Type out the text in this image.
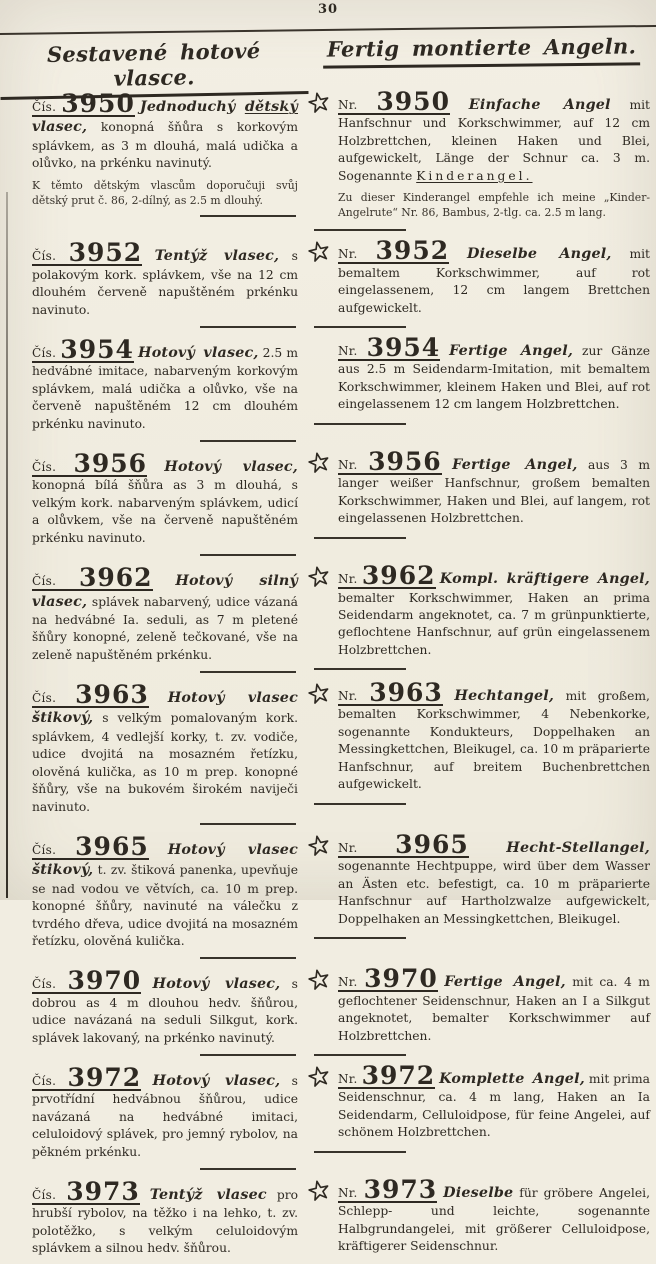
30
Sestavené hotové vlasce.
Fertig montierte Angeln.

Čís. 3950 Jednoduchý dětský vlasec, konopná šňůra s korkovým splávkem, as 3 m dlouhá, malá udička a olůvko, na prkénku navinutý.

K těmto dětským vlascům doporučuji svůj dětský prut č. 86, 2-dílný, as 2.5 m dlouhý.

Nr. 3950 Einfache Angel mit Hanfschnur und Korkschwimmer, auf 12 cm Holzbrettchen, kleinen Haken und Blei, aufgewickelt, Länge der Schnur ca. 3 m. Sogenannte Kinderangel.

Zu dieser Kinderangel empfehle ich meine „Kinder-Angelrute“ Nr. 86, Bambus, 2-tlg. ca. 2.5 m lang.

Čís. 3952 Tentýž vlasec, s polakovým kork. splávkem, vše na 12 cm dlouhém červeně napuštěném prkénku navinuto.

Nr. 3952 Dieselbe Angel, mit bemaltem Korkschwimmer, auf rot eingelassenem, 12 cm langem Brettchen aufgewickelt.

Čís. 3954 Hotový vlasec, 2.5 m hedvábné imitace, nabarveným korkovým splávkem, malá udička a olůvko, vše na červeně napuštěném 12 cm dlouhém prkénku navinuto.

Nr. 3954 Fertige Angel, zur Gänze aus 2.5 m Seidendarm-Imitation, mit bemaltem Korkschwimmer, kleinem Haken und Blei, auf rot eingelassenem 12 cm langem Holzbrettchen.

Čís. 3956 Hotový vlasec, konopná bílá šňůra as 3 m dlouhá, s velkým kork. nabarveným splávkem, udicí a olůvkem, vše na červeně napuštěném prkénku navinuto.

Nr. 3956 Fertige Angel, aus 3 m langer weißer Hanfschnur, großem bemalten Korkschwimmer, Haken und Blei, auf langem, rot eingelassenen Holzbrettchen.

Čís. 3962 Hotový silný vlasec, splávek nabarvený, udice vázaná na hedvábné Ia. seduli, as 7 m pletené šňůry konopné, zeleně tečkované, vše na zeleně napuštěném prkénku.

Nr. 3962 Kompl. kräftigere Angel, bemalter Korkschwimmer, Haken an prima Seidendarm angeknotet, ca. 7 m grünpunktierte, geflochtene Hanfschnur, auf grün eingelassenem Holzbrettchen.

Čís. 3963 Hotový vlasec štikový, s velkým pomalovaným kork. splávkem, 4 vedlejší korky, t. zv. vodiče, udice dvojitá na mosazném řetízku, olověná kulička, as 10 m prep. konopné šňůry, vše na bukovém širokém naviječi navinuto.

Nr. 3963 Hechtangel, mit großem, bemalten Korkschwimmer, 4 Nebenkorke, sogenannte Kondukteurs, Doppelhaken an Messingkettchen, Bleikugel, ca. 10 m präparierte Hanfschnur, auf breitem Buchenbrettchen aufgewickelt.

Čís. 3965 Hotový vlasec štikový, t. zv. štiková panenka, upevňuje se nad vodou ve větvích, ca. 10 m prep. konopné šňůry, navinuté na válečku z tvrdého dřeva, udice dvojitá na mosazném řetízku, olověná kulička.

Nr. 3965	Hecht-Stellangel, sogenannte Hechtpuppe, wird über dem Wasser an Ästen etc. befestigt, ca. 10 m präparierte Hanfschnur auf Hartholzwalze aufgewickelt, Doppelhaken an Messingkettchen, Bleikugel.

Čís. 3970 Hotový vlasec, s dobrou as 4 m dlouhou hedv. šňůrou, udice navázaná na seduli Silkgut, kork. splávek lakovaný, na prkénko navinutý.

Nr. 3970 Fertige Angel, mit ca. 4 m geflochtener Seidenschnur, Haken an I a Silkgut angeknotet, bemalter Korkschwimmer auf Holzbrettchen.

Čís. 3972 Hotový vlasec, s prvotřídní hedvábnou šňůrou, udice navázaná na hedvábné imitaci, celuloidový splávek, pro jemný rybolov, na pěkném prkénku.

Nr. 3972 Komplette Angel, mit prima Seidenschnur, ca. 4 m lang, Haken an Ia Seidendarm, Celluloidpose, für feine Angelei, auf schönem Holzbrettchen.

Čís. 3973 Tentýž vlasec pro hrubší rybolov, na těžko i na lehko, t. zv. polotěžko, s velkým celuloidovým splávkem a silnou hedv. šňůrou.

Nr. 3973 Dieselbe für gröbere Angelei, Schlepp- und leichte, sogenannte Halbgrundangelei, mit größerer Celluloidpose, kräftigerer Seidenschnur.
